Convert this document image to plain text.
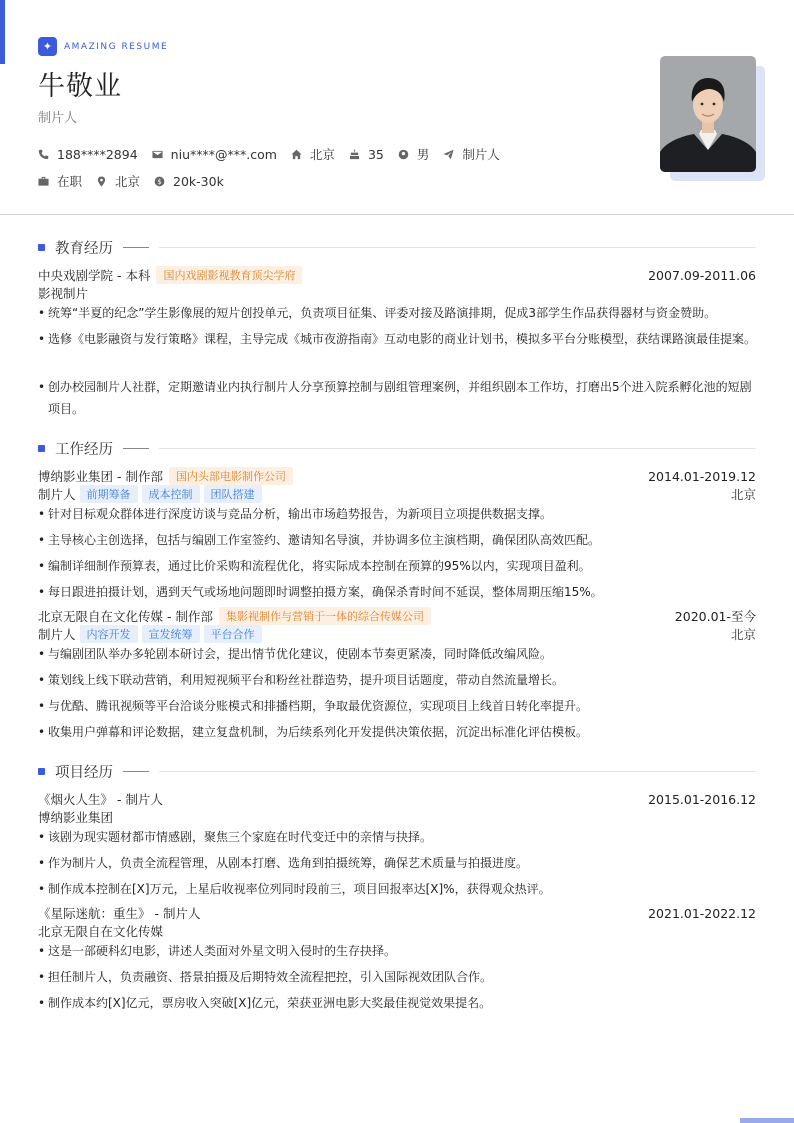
✦	AMAZING RESUME
牛敬业
制片人
188****2894	niu****@***.com	北京	35	男	制片人
在职	北京 $ 20k-30k
教育经历
中央戏剧学院 - 本科	国内戏剧影视教育顶尖学府	2007.09-2011.06
影视制片
• 统筹“半夏的纪念”学生影像展的短片创投单元，负责项目征集、评委对接及路演排期，促成3部学生作品获得器材与资金赞助。
• 选修《电影融资与发行策略》课程，主导完成《城市夜游指南》互动电影的商业计划书，模拟多平台分账模型，获结课路演最佳提案。
• 创办校园制片人社群，定期邀请业内执行制片人分享预算控制与剧组管理案例，并组织剧本工作坊，打磨出5个进入院系孵化池的短剧项目。
工作经历
博纳影业集团 - 制作部	国内头部电影制作公司	2014.01-2019.12
制片人	前期筹备	成本控制	团队搭建	北京
• 针对目标观众群体进行深度访谈与竞品分析，输出市场趋势报告，为新项目立项提供数据支撑。
• 主导核心主创选择，包括与编剧工作室签约、邀请知名导演，并协调多位主演档期，确保团队高效匹配。
• 编制详细制作预算表，通过比价采购和流程优化，将实际成本控制在预算的95%以内，实现项目盈利。
• 每日跟进拍摄计划，遇到天气或场地问题即时调整拍摄方案，确保杀青时间不延误，整体周期压缩15%。
北京无限自在文化传媒 - 制作部	集影视制作与营销于一体的综合传媒公司	2020.01-至今
制片人	内容开发	宣发统筹	平台合作	北京
• 与编剧团队举办多轮剧本研讨会，提出情节优化建议，使剧本节奏更紧凑，同时降低改编风险。
• 策划线上线下联动营销，利用短视频平台和粉丝社群造势，提升项目话题度，带动自然流量增长。
• 与优酷、腾讯视频等平台洽谈分账模式和排播档期，争取最优资源位，实现项目上线首日转化率提升。
• 收集用户弹幕和评论数据，建立复盘机制，为后续系列化开发提供决策依据，沉淀出标准化评估模板。
项目经历
《烟火人生》 - 制片人	2015.01-2016.12
博纳影业集团
• 该剧为现实题材都市情感剧，聚焦三个家庭在时代变迁中的亲情与抉择。
• 作为制片人，负责全流程管理，从剧本打磨、选角到拍摄统筹，确保艺术质量与拍摄进度。
• 制作成本控制在[X]万元，上星后收视率位列同时段前三，项目回报率达[X]%，获得观众热评。
《星际迷航：重生》 - 制片人	2021.01-2022.12
北京无限自在文化传媒
• 这是一部硬科幻电影，讲述人类面对外星文明入侵时的生存抉择。
• 担任制片人，负责融资、搭景拍摄及后期特效全流程把控，引入国际视效团队合作。
• 制作成本约[X]亿元，票房收入突破[X]亿元，荣获亚洲电影大奖最佳视觉效果提名。
